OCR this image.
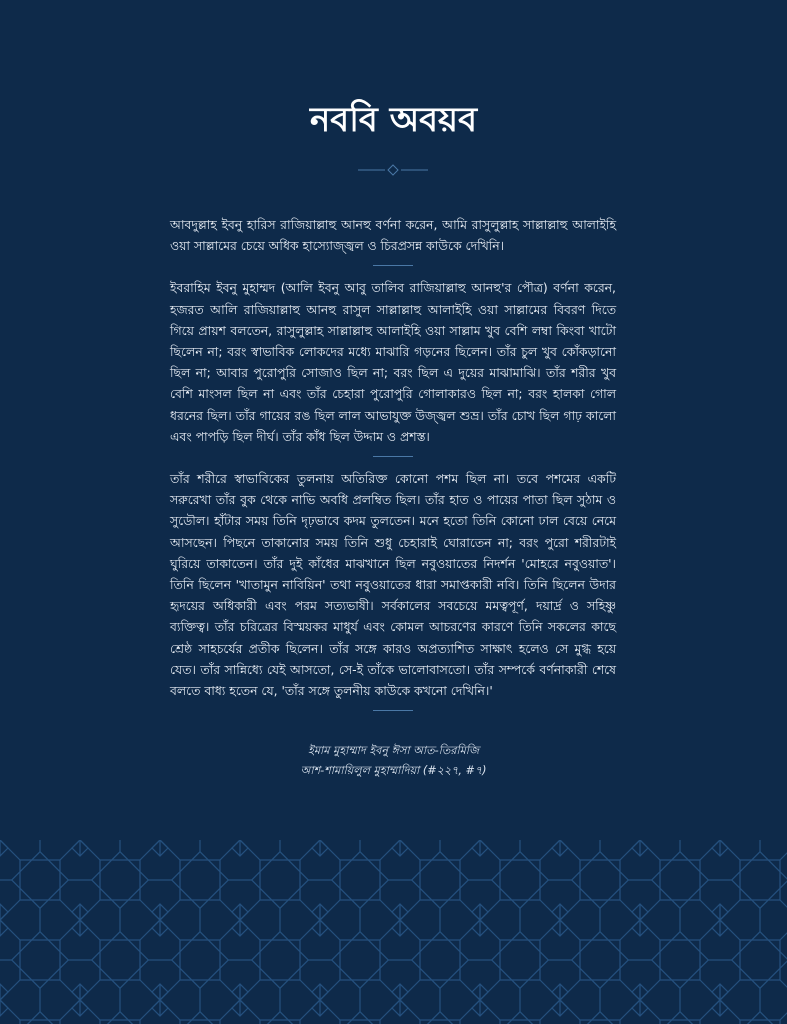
নববি অবয়ব

আবদুল্লাহ ইবনু হারিস রাজিয়াল্লাহু আনহু বর্ণনা করেন, আমি রাসুলুল্লাহ সাল্লাল্লাহু আলাইহি ওয়া সাল্লামের চেয়ে অধিক হাস্যোজ্জ্বল ও চিরপ্রসন্ন কাউকে দেখিনি।

ইবরাহিম ইবনু মুহাম্মদ (আলি ইবনু আবু তালিব রাজিয়াল্লাহু আনহু'র পৌত্র) বর্ণনা করেন, হজরত আলি রাজিয়াল্লাহু আনহু রাসুল সাল্লাল্লাহু আলাইহি ওয়া সাল্লামের বিবরণ দিতে গিয়ে প্রায়শ বলতেন, রাসুলুল্লাহ সাল্লাল্লাহু আলাইহি ওয়া সাল্লাম খুব বেশি লম্বা কিংবা খাটো ছিলেন না; বরং স্বাভাবিক লোকদের মধ্যে মাঝারি গড়নের ছিলেন। তাঁর চুল খুব কোঁকড়ানো ছিল না; আবার পুরোপুরি সোজাও ছিল না; বরং ছিল এ দুয়ের মাঝামাঝি। তাঁর শরীর খুব বেশি মাংসল ছিল না এবং তাঁর চেহারা পুরোপুরি গোলাকারও ছিল না; বরং হালকা গোল ধরনের ছিল। তাঁর গায়ের রঙ ছিল লাল আভাযুক্ত উজ্জ্বল শুভ্র। তাঁর চোখ ছিল গাঢ় কালো এবং পাপড়ি ছিল দীর্ঘ। তাঁর কাঁধ ছিল উদ্দাম ও প্রশস্ত।

তাঁর শরীরে স্বাভাবিকের তুলনায় অতিরিক্ত কোনো পশম ছিল না। তবে পশমের একটি সরুরেখা তাঁর বুক থেকে নাভি অবধি প্রলম্বিত ছিল। তাঁর হাত ও পায়ের পাতা ছিল সুঠাম ও সুডৌল। হাঁটার সময় তিনি দৃঢ়ভাবে কদম তুলতেন। মনে হতো তিনি কোনো ঢাল বেয়ে নেমে আসছেন। পিছনে তাকানোর সময় তিনি শুধু চেহারাই ঘোরাতেন না; বরং পুরো শরীরটাই ঘুরিয়ে তাকাতেন। তাঁর দুই কাঁধের মাঝখানে ছিল নবুওয়াতের নিদর্শন 'মোহরে নবুওয়াত'। তিনি ছিলেন 'খাতামুন নাবিয়িন' তথা নবুওয়াতের ধারা সমাপ্তকারী নবি। তিনি ছিলেন উদার হৃদয়ের অধিকারী এবং পরম সত্যভাষী। সর্বকালের সবচেয়ে মমত্বপূর্ণ, দয়ার্দ্র ও সহিষ্ণু ব্যক্তিত্ব। তাঁর চরিত্রের বিস্ময়কর মাধুর্য এবং কোমল আচরণের কারণে তিনি সকলের কাছে শ্রেষ্ঠ সাহচর্যের প্রতীক ছিলেন। তাঁর সঙ্গে কারও অপ্রত্যাশিত সাক্ষাৎ হলেও সে মুগ্ধ হয়ে যেত। তাঁর সান্নিধ্যে যেই আসতো, সে-ই তাঁকে ভালোবাসতো। তাঁর সম্পর্কে বর্ণনাকারী শেষে বলতে বাধ্য হতেন যে, 'তাঁর সঙ্গে তুলনীয় কাউকে কখনো দেখিনি।'

ইমাম মুহাম্মাদ ইবনু ঈসা আত-তিরমিজি
আশ-শামায়িলুল মুহাম্মাদিয়া (#২২৭, #৭)
